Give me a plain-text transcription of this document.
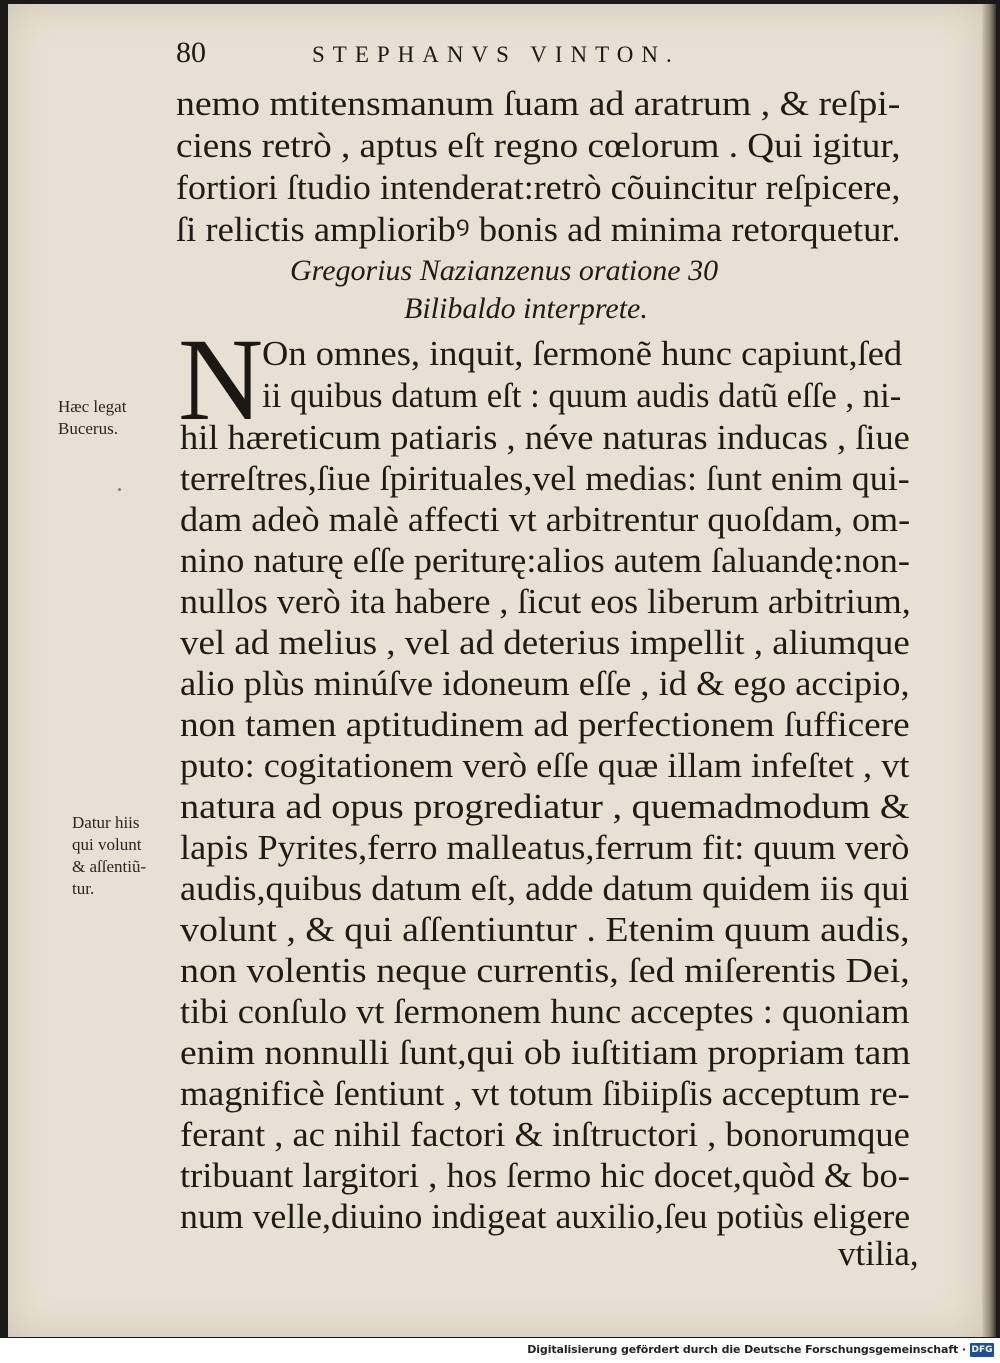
80	STEPHANVS VINTON.
nemo mtitensmanum ſuam ad aratrum , & reſpi-
ciens retrò , aptus eſt regno cœlorum . Qui igitur,
fortiori ſtudio intenderat:retrò cõuincitur reſpicere,
ſi relictis amplioribꝰ bonis ad minima retorquetur.
Gregorius Nazianzenus oratione 30
Bilibaldo interprete.
N
On omnes, inquit, ſermonẽ hunc capiunt,ſed
ii quibus datum eſt : quum audis datũ eſſe , ni-
hil hæreticum patiaris , néve naturas inducas , ſiue
terreſtres,ſiue ſpirituales,vel medias: ſunt enim qui-
dam adeò malè affecti vt arbitrentur quoſdam, om-
nino naturę eſſe periturę:alios autem ſaluandę:non-
nullos verò ita habere , ſicut eos liberum arbitrium,
vel ad melius , vel ad deterius impellit , aliumque
alio plùs minúſve idoneum eſſe , id & ego accipio,
non tamen aptitudinem ad perfectionem ſufficere
puto: cogitationem verò eſſe quæ illam infeſtet , vt
natura ad opus progrediatur , quemadmodum &
lapis Pyrites,ferro malleatus,ferrum fit: quum verò
audis,quibus datum eſt, adde datum quidem iis qui
volunt , & qui aſſentiuntur . Etenim quum audis,
non volentis neque currentis, ſed miſerentis Dei,
tibi conſulo vt ſermonem hunc acceptes : quoniam
enim nonnulli ſunt,qui ob iuſtitiam propriam tam
magnificè ſentiunt , vt totum ſibiipſis acceptum re-
ferant , ac nihil factori & inſtructori , bonorumque
tribuant largitori , hos ſermo hic docet,quòd & bo-
num velle,diuino indigeat auxilio,ſeu potiùs eligere
vtilia,
Hæc legat
Bucerus.
Datur hiis
qui volunt
& aſſentiũ-
tur.
Digitalisierung gefördert durch die Deutsche Forschungsgemeinschaft · DFG
